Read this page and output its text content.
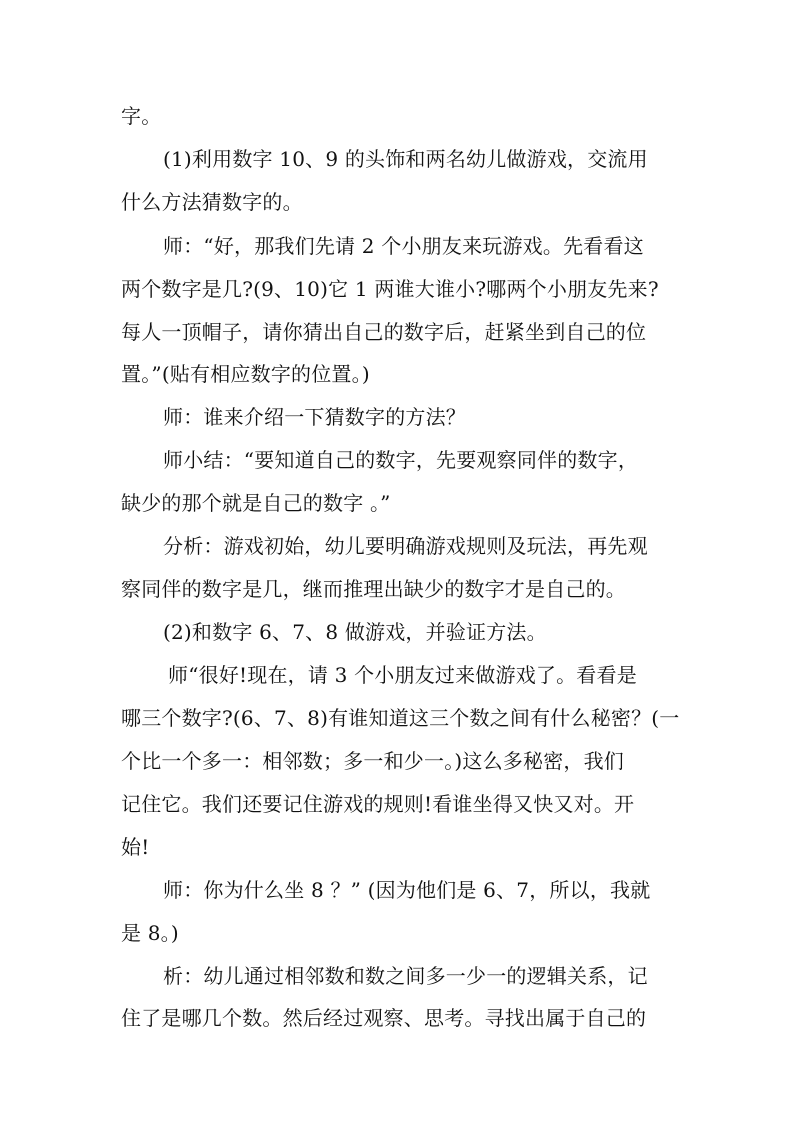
字。
(1)利用数字 10、9 的头饰和两名幼儿做游戏，交流用
什么方法猜数字的。
师：“好，那我们先请 2 个小朋友来玩游戏。先看看这
两个数字是几?(9、10)它 1 两谁大谁小?哪两个小朋友先来?
每人一顶帽子，请你猜出自己的数字后，赶紧坐到自己的位
置。”(贴有相应数字的位置。)
师：谁来介绍一下猜数字的方法？
师小结：“要知道自己的数字，先要观察同伴的数字，
缺少的那个就是自己的数字 。”
分析：游戏初始，幼儿要明确游戏规则及玩法，再先观
察同伴的数字是几，继而推理出缺少的数字才是自己的。
(2)和数字 6、7、8 做游戏，并验证方法。
师“很好!现在，请 3 个小朋友过来做游戏了。看看是
哪三个数字?(6、7、8)有谁知道这三个数之间有什么秘密？(一
个比一个多一：相邻数；多一和少一。)这么多秘密，我们
记住它。我们还要记住游戏的规则!看谁坐得又快又对。开
始!
师：你为什么坐 8 ？” (因为他们是 6、7，所以，我就
是 8。)
析：幼儿通过相邻数和数之间多一少一的逻辑关系，记
住了是哪几个数。然后经过观察、思考。寻找出属于自己的
